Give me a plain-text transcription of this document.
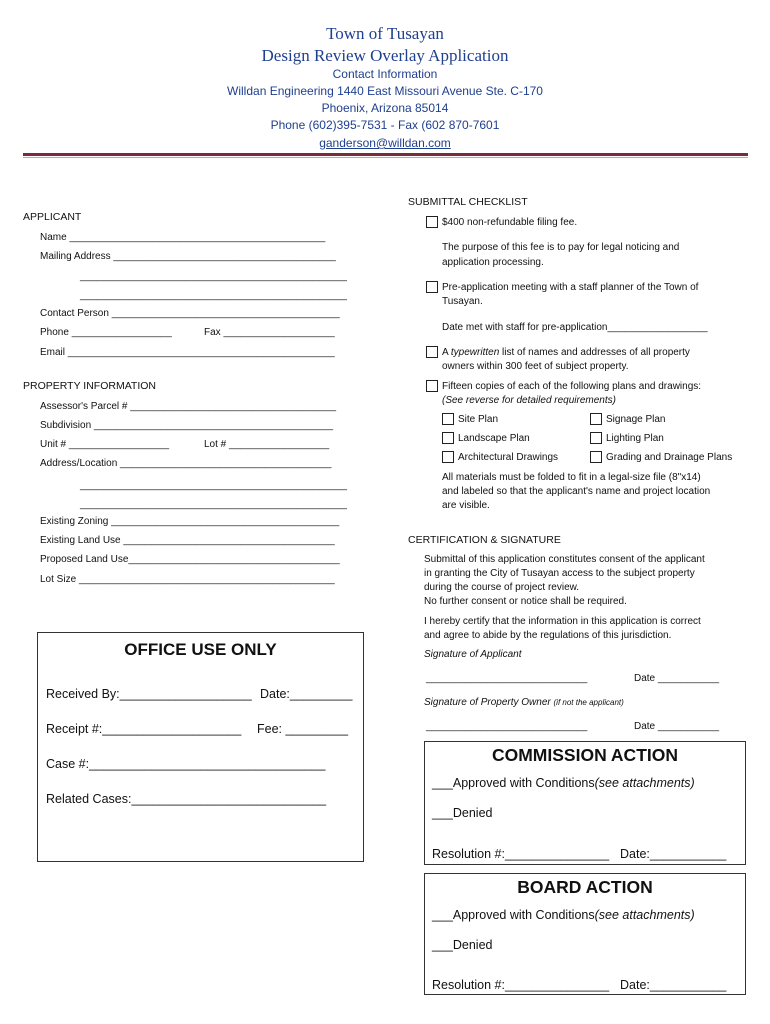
Town of Tusayan
Design Review Overlay Application
Contact Information
Willdan Engineering 1440 East Missouri Avenue Ste. C-170
Phoenix, Arizona 85014
Phone (602)395-7531 - Fax (602 870-7601
ganderson@willdan.com
APPLICANT
Name ______________________________________________
Mailing Address ________________________________________
________________________________________________
________________________________________________
Contact Person _________________________________________
Phone __________________	Fax ____________________
Email ________________________________________________
PROPERTY INFORMATION
Assessor's Parcel # _____________________________________
Subdivision ___________________________________________
Unit # __________________	Lot # __________________
Address/Location ______________________________________
________________________________________________
________________________________________________
Existing Zoning _________________________________________
Existing Land Use ______________________________________
Proposed Land Use______________________________________
Lot Size ______________________________________________
OFFICE USE ONLY
Received By:___________________ Date:_________
Receipt #:____________________ Fee: _________
Case #:__________________________________
Related Cases:____________________________
SUBMITTAL CHECKLIST
$400 non-refundable filing fee.
The purpose of this fee is to pay for legal noticing and
application processing.
Pre-application meeting with a staff planner of the Town of
Tusayan.
Date met with staff for pre-application__________________
A typewritten list of names and addresses of all property
owners within 300 feet of subject property.
Fifteen copies of each of the following plans and drawings:
(See reverse for detailed requirements)
Site Plan	Signage Plan
Landscape Plan	Lighting Plan
Architectural Drawings	Grading and Drainage Plans
All materials must be folded to fit in a legal-size file (8"x14)
and labeled so that the applicant's name and project location
are visible.
CERTIFICATION & SIGNATURE
Submittal of this application constitutes consent of the applicant
in granting the City of Tusayan access to the subject property
during the course of project review.
No further consent or notice shall be required.
I hereby certify that the information in this application is correct
and agree to abide by the regulations of this jurisdiction.
Signature of Applicant
_____________________________	Date ___________
Signature of Property Owner (if not the applicant)
_____________________________	Date ___________
COMMISSION ACTION
___Approved with Conditions(see attachments)
___Denied
Resolution #:_______________ Date:___________
BOARD ACTION
___Approved with Conditions(see attachments)
___Denied
Resolution #:_______________ Date:___________
